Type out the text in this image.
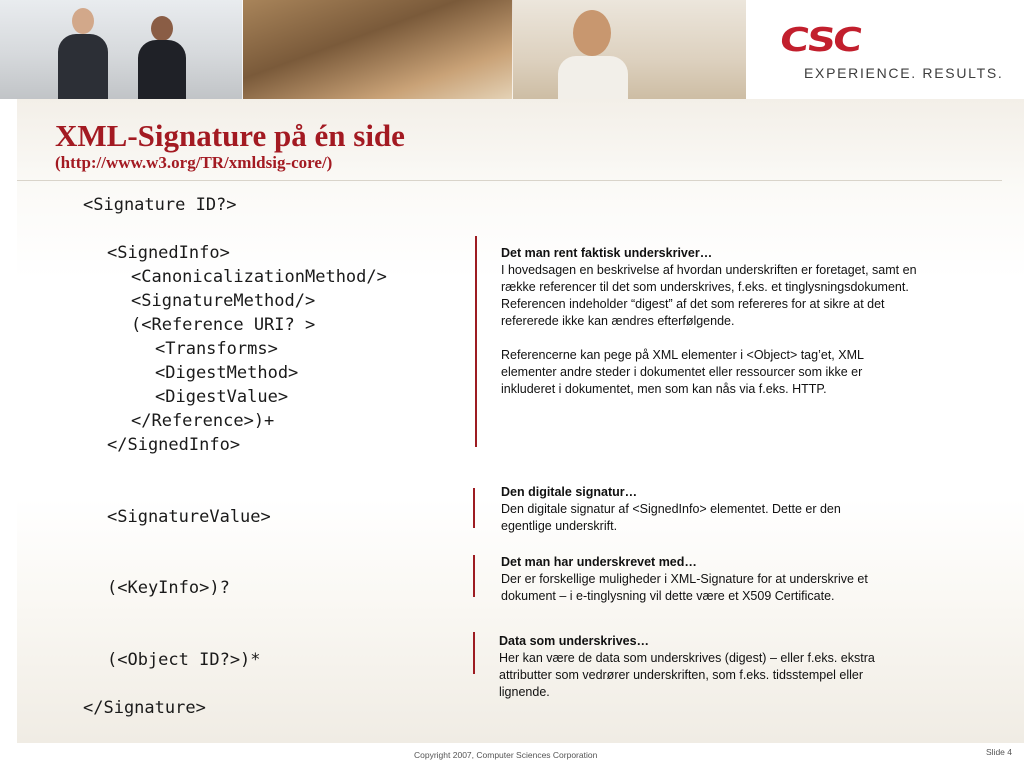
CSC
EXPERIENCE. RESULTS.
XML-Signature på én side
(http://www.w3.org/TR/xmldsig-core/)
<Signature ID?>
<SignedInfo>
<CanonicalizationMethod/>
<SignatureMethod/>
(<Reference URI? >
<Transforms>
<DigestMethod>
<DigestValue>
</Reference>)+
</SignedInfo>
<SignatureValue>
(<KeyInfo>)?
(<Object ID?>)*
</Signature>
Det man rent faktisk underskriver…
I hovedsagen en beskrivelse af hvordan underskriften er foretaget, samt en
række referencer til det som underskrives, f.eks. et tinglysningsdokument.
Referencen indeholder “digest” af det som refereres for at sikre at det
refererede ikke kan ændres efterfølgende.
Referencerne kan pege på XML elementer i <Object> tag’et, XML
elementer andre steder i dokumentet eller ressourcer som ikke er
inkluderet i dokumentet, men som kan nås via f.eks. HTTP.
Den digitale signatur…
Den digitale signatur af <SignedInfo> elementet. Dette er den
egentlige underskrift.
Det man har underskrevet med…
Der er forskellige muligheder i XML-Signature for at underskrive et
dokument – i e-tinglysning vil dette være et X509 Certificate.
Data som underskrives…
Her kan være de data som underskrives (digest) – eller f.eks. ekstra
attributter som vedrører underskriften, som f.eks. tidsstempel eller
lignende.
Copyright 2007, Computer Sciences Corporation	Slide 4
